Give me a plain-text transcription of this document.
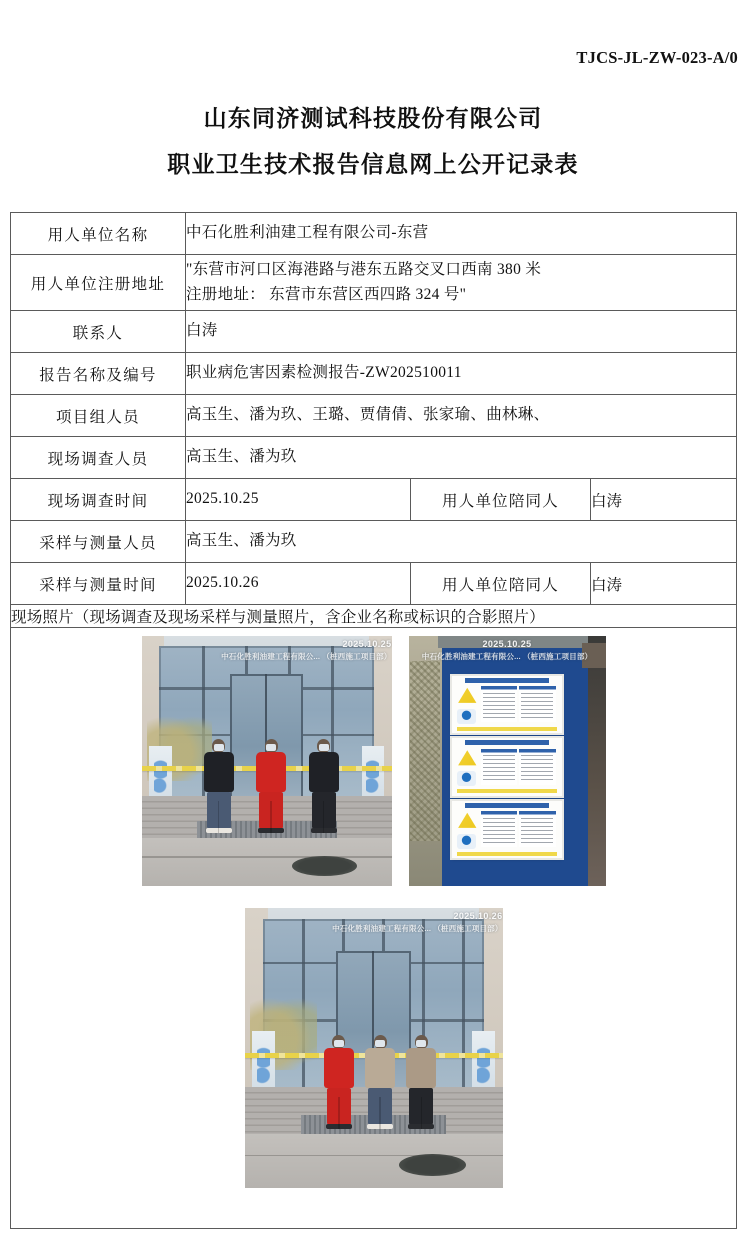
TJCS-JL-ZW-023-A/0
山东同济测试科技股份有限公司
职业卫生技术报告信息网上公开记录表
用人单位名称	中石化胜利油建工程有限公司-东营		

用人单位注册地址	"东营市河口区海港路与港东五路交叉口西南 380 米
注册地址： 东营市东营区西四路 324 号"		

联系人	白涛		

报告名称及编号	职业病危害因素检测报告-ZW202510011		

项目组人员	高玉生、潘为玖、王璐、贾倩倩、张家瑜、曲林琳、		

现场调查人员	高玉生、潘为玖		

现场调查时间	2025.10.25	用人单位陪同人	白涛
采样与测量人员	高玉生、潘为玖		

采样与测量时间	2025.10.26	用人单位陪同人	白涛
现场照片（现场调查及现场采样与测量照片，含企业名称或标识的合影照片）			

2025.10.25
中石化胜利油建工程有限公... （桩西施工项目部）
2025.10.25
中石化胜利油建工程有限公... （桩西施工项目部）
2025.10.26
中石化胜利油建工程有限公... （桩西施工项目部）
